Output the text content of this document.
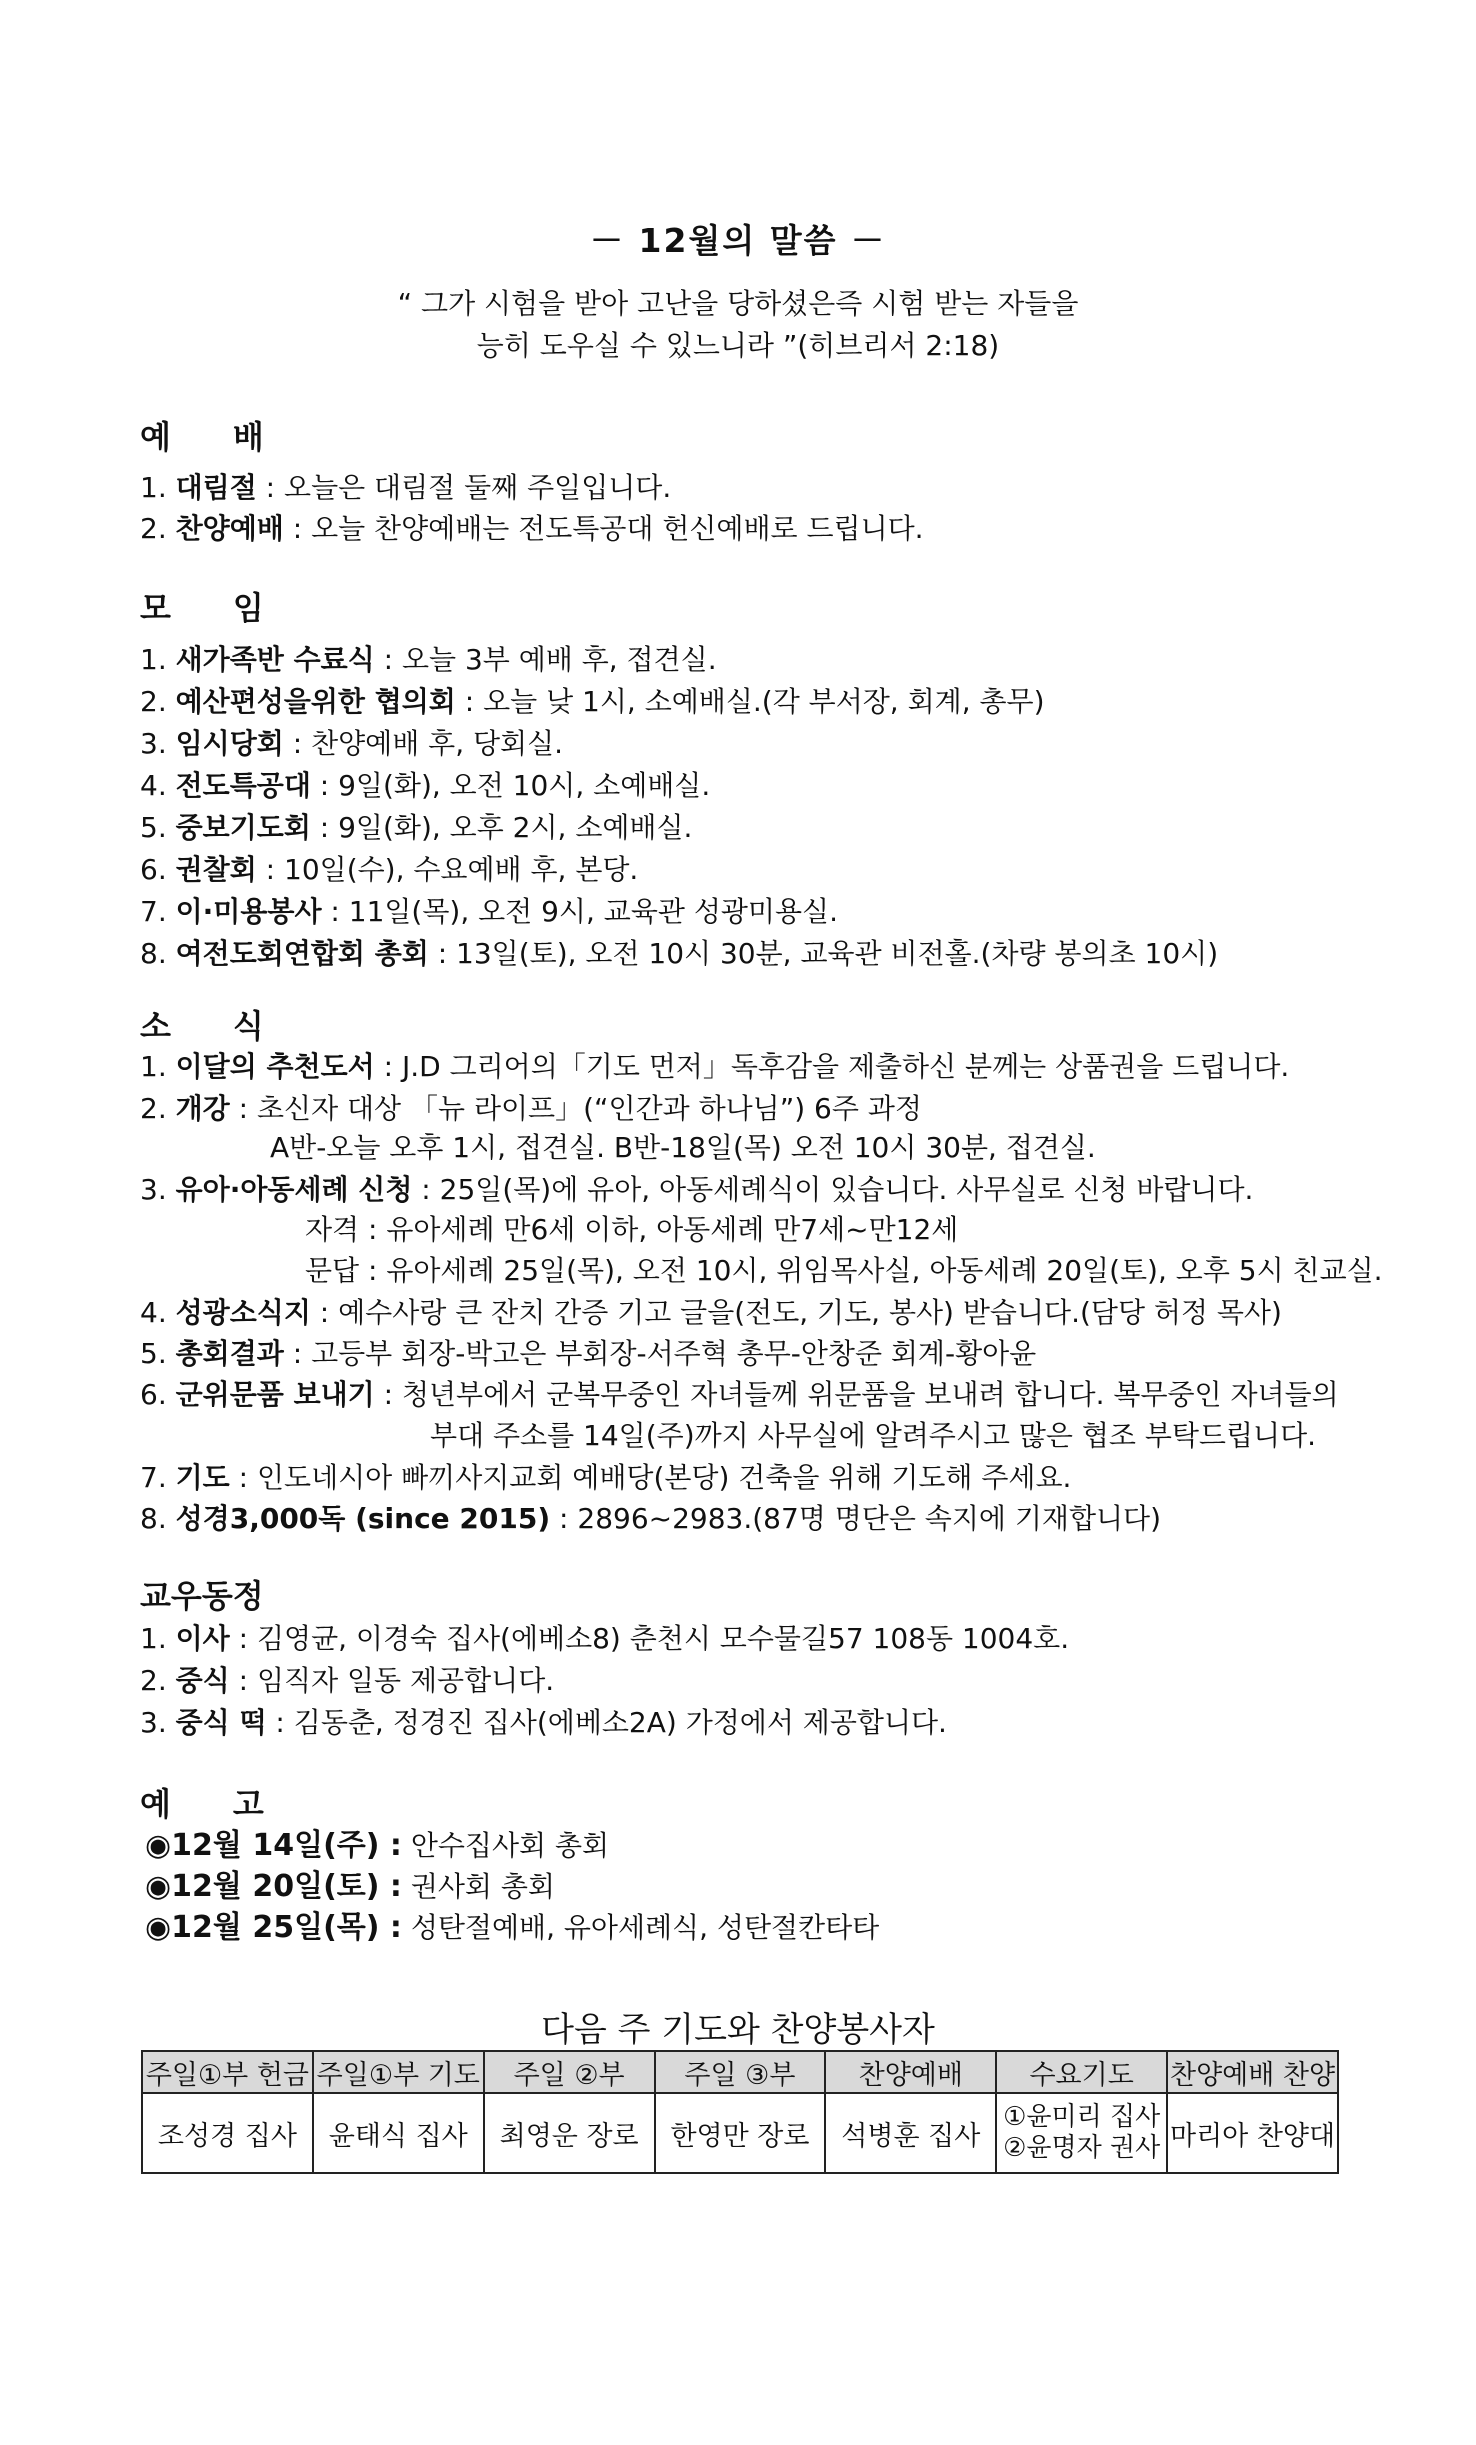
－ 12월의 말씀 －
“ 그가 시험을 받아 고난을 당하셨은즉 시험 받는 자들을
능히 도우실 수 있느니라 ”(히브리서 2:18)
예 배
1. 대림절 : 오늘은 대림절 둘째 주일입니다.
2. 찬양예배 : 오늘 찬양예배는 전도특공대 헌신예배로 드립니다.
모 임
1. 새가족반 수료식 : 오늘 3부 예배 후, 접견실.
2. 예산편성을위한 협의회 : 오늘 낮 1시, 소예배실.(각 부서장, 회계, 총무)
3. 임시당회 : 찬양예배 후, 당회실.
4. 전도특공대 : 9일(화), 오전 10시, 소예배실.
5. 중보기도회 : 9일(화), 오후 2시, 소예배실.
6. 권찰회 : 10일(수), 수요예배 후, 본당.
7. 이·미용봉사 : 11일(목), 오전 9시, 교육관 성광미용실.
8. 여전도회연합회 총회 : 13일(토), 오전 10시 30분, 교육관 비전홀.(차량 봉의초 10시)
소 식
1. 이달의 추천도서 : J.D 그리어의「기도 먼저」독후감을 제출하신 분께는 상품권을 드립니다.
2. 개강 : 초신자 대상 「뉴 라이프」(“인간과 하나님”) 6주 과정
A반-오늘 오후 1시, 접견실. B반-18일(목) 오전 10시 30분, 접견실.
3. 유아·아동세례 신청 : 25일(목)에 유아, 아동세례식이 있습니다. 사무실로 신청 바랍니다.
자격 : 유아세례 만6세 이하, 아동세례 만7세~만12세
문답 : 유아세례 25일(목), 오전 10시, 위임목사실, 아동세례 20일(토), 오후 5시 친교실.
4. 성광소식지 : 예수사랑 큰 잔치 간증 기고 글을(전도, 기도, 봉사) 받습니다.(담당 허정 목사)
5. 총회결과 : 고등부 회장-박고은 부회장-서주혁 총무-안창준 회계-황아윤
6. 군위문품 보내기 : 청년부에서 군복무중인 자녀들께 위문품을 보내려 합니다. 복무중인 자녀들의
부대 주소를 14일(주)까지 사무실에 알려주시고 많은 협조 부탁드립니다.
7. 기도 : 인도네시아 빠끼사지교회 예배당(본당) 건축을 위해 기도해 주세요.
8. 성경3,000독 (since 2015) : 2896~2983.(87명 명단은 속지에 기재합니다)
교우동정
1. 이사 : 김영균, 이경숙 집사(에베소8) 춘천시 모수물길57 108동 1004호.
2. 중식 : 임직자 일동 제공합니다.
3. 중식 떡 : 김동춘, 정경진 집사(에베소2A) 가정에서 제공합니다.
예 고
◉12월 14일(주) : 안수집사회 총회
◉12월 20일(토) : 권사회 총회
◉12월 25일(목) : 성탄절예배, 유아세례식, 성탄절칸타타
다음 주 기도와 찬양봉사자
주일①부 헌금	주일①부 기도	주일 ②부	주일 ③부	찬양예배	수요기도	찬양예배 찬양
조성경 집사	윤태식 집사	최영운 장로	한영만 장로	석병훈 집사	①윤미리 집사
②윤명자 권사	마리아 찬양대
